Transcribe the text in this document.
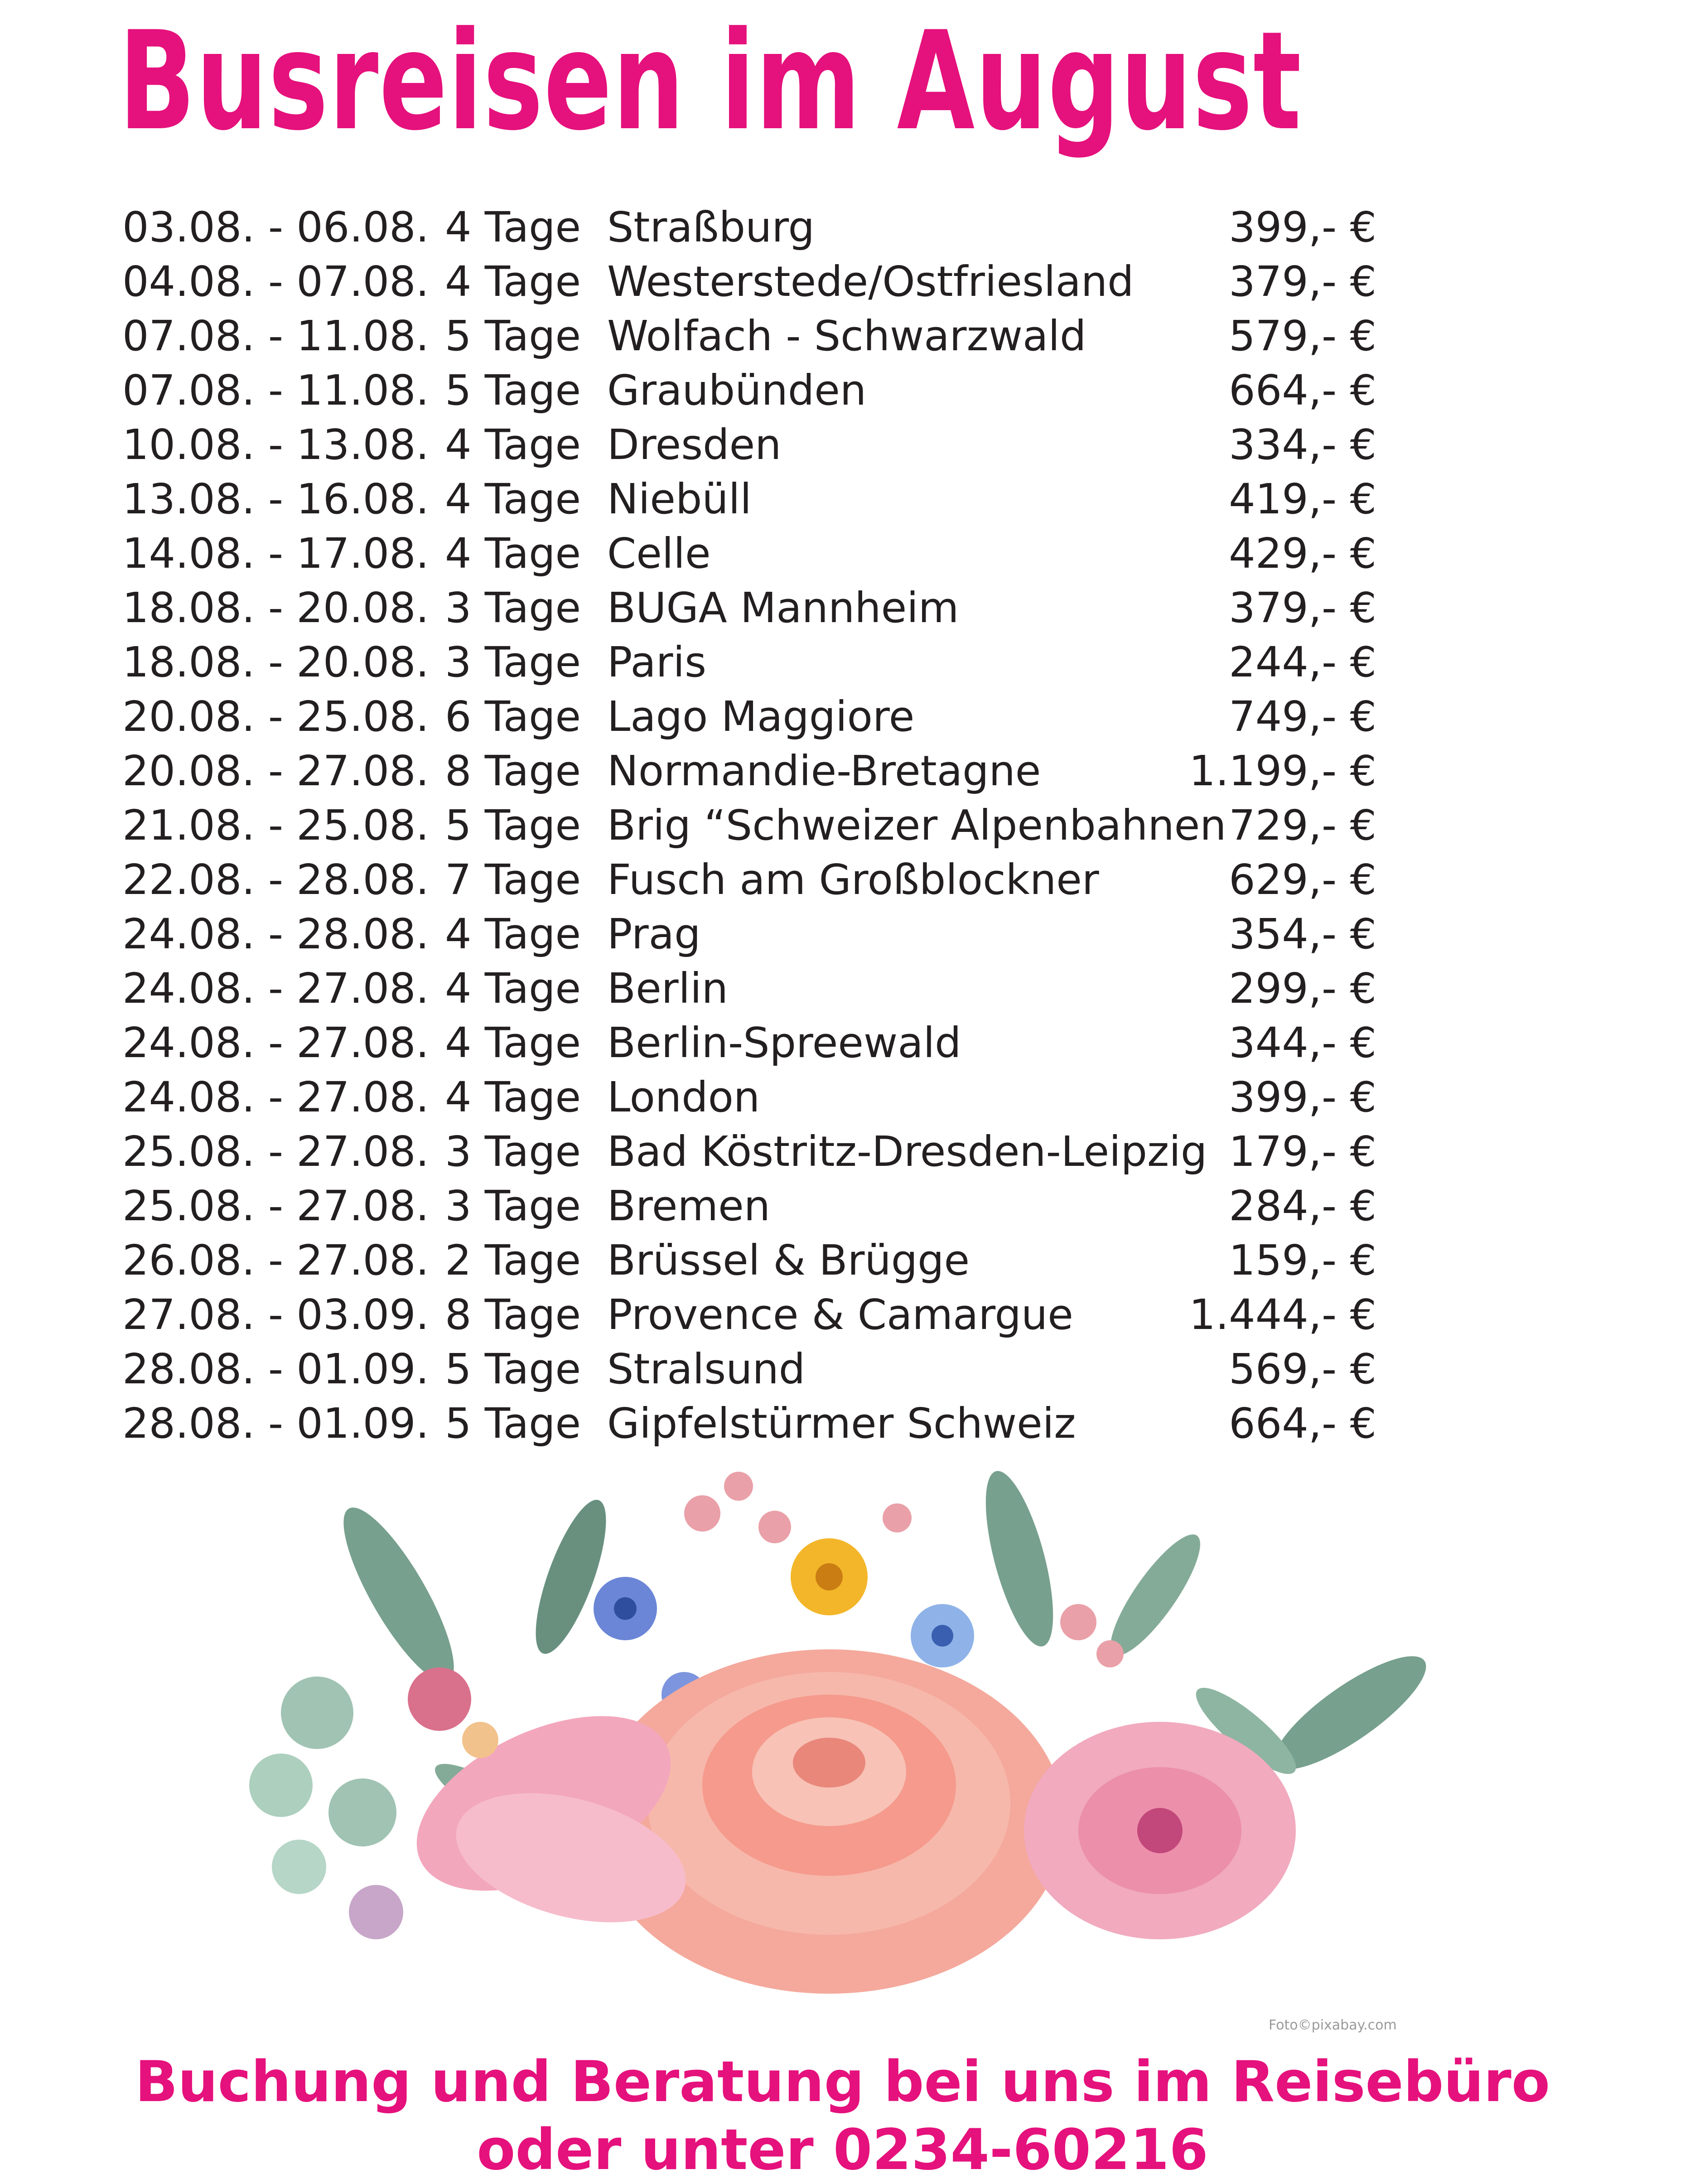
Busreisen im August
03.08. - 06.08. 4 Tage Straßburg	399,- €
04.08. - 07.08. 4 Tage Westerstede/Ostfriesland 379,- €
07.08. - 11.08. 5 Tage Wolfach - Schwarzwald	579,- €
07.08. - 11.08. 5 Tage Graubünden	664,- €
10.08. - 13.08. 4 Tage Dresden	334,- €
13.08. - 16.08. 4 Tage Niebüll	419,- €
14.08. - 17.08. 4 Tage Celle	429,- €
18.08. - 20.08. 3 Tage BUGA Mannheim	379,- €
18.08. - 20.08. 3 Tage Paris	244,- €
20.08. - 25.08. 6 Tage Lago Maggiore	749,- €
20.08. - 27.08. 8 Tage Normandie-Bretagne	1.199,- €
21.08. - 25.08. 5 Tage Brig “Schweizer Alpenbahnen 729,- €
22.08. - 28.08. 7 Tage Fusch am Großblockner	629,- €
24.08. - 28.08. 4 Tage Prag	354,- €
24.08. - 27.08. 4 Tage Berlin	299,- €
24.08. - 27.08. 4 Tage Berlin-Spreewald	344,- €
24.08. - 27.08. 4 Tage London	399,- €
25.08. - 27.08. 3 Tage Bad Köstritz-Dresden-Leipzig 179,- €
25.08. - 27.08. 3 Tage Bremen	284,- €
26.08. - 27.08. 2 Tage Brüssel & Brügge	159,- €
27.08. - 03.09. 8 Tage Provence & Camargue	1.444,- €
28.08. - 01.09. 5 Tage Stralsund	569,- €
28.08. - 01.09. 5 Tage Gipfelstürmer Schweiz	664,- €
Foto©pixabay.com
Buchung und Beratung bei uns im Reisebüro
oder unter 0234-60216
